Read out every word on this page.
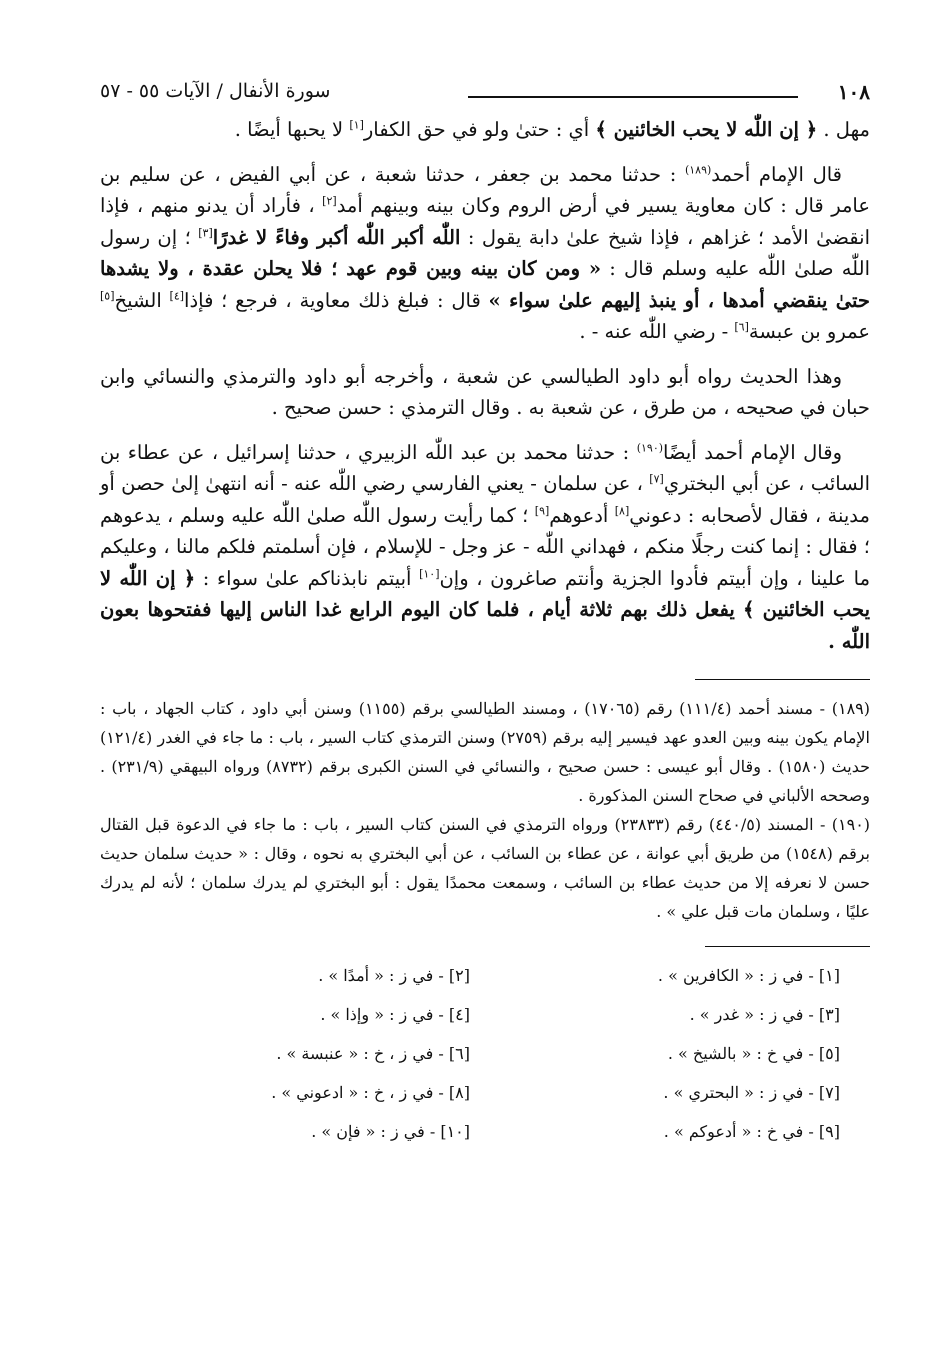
١٠٨
سورة الأنفال / الآيات ٥٥ - ٥٧

مهل . ﴿ إن اللّٰه لا يحب الخائنين ﴾ أي : حتىٰ ولو في حق الكفار[١] لا يحبها أيضًا .

قال الإمام أحمد$^{(١٨٩)}$ : حدثنا محمد بن جعفر ، حدثنا شعبة ، عن أبي الفيض ، عن سليم بن عامر قال : كان معاوية يسير في أرض الروم وكان بينه وبينهم أمد[٢] ، فأراد أن يدنو منهم ، فإذا انقضىٰ الأمد ؛ غزاهم ، فإذا شيخ علىٰ دابة يقول : اللّٰه أكبر اللّٰه أكبر وفاءً لا غدرًا[٣] ؛ إن رسول اللّٰه صلىٰ اللّٰه عليه وسلم قال : « ومن كان بينه وبين قوم عهد ؛ فلا يحلن عقدة ، ولا يشدها حتىٰ ينقضي أمدها ، أو ينبذ إليهم علىٰ سواء » قال : فبلغ ذلك معاوية ، فرجع ؛ فإذا[٤] الشيخ[٥] عمرو بن عبسة[٦] - رضي اللّٰه عنه - .

وهذا الحديث رواه أبو داود الطيالسي عن شعبة ، وأخرجه أبو داود والترمذي والنسائي وابن حبان في صحيحه ، من طرق ، عن شعبة به . وقال الترمذي : حسن صحيح .

وقال الإمام أحمد أيضًا$^{(١٩٠)}$ : حدثنا محمد بن عبد اللّٰه الزبيري ، حدثنا إسرائيل ، عن عطاء بن السائب ، عن أبي البختري[٧] ، عن سلمان - يعني الفارسي رضي اللّٰه عنه - أنه انتهىٰ إلىٰ حصن أو مدينة ، فقال لأصحابه : دعوني[٨] أدعوهم[٩] ؛ كما رأيت رسول اللّٰه صلىٰ اللّٰه عليه وسلم ، يدعوهم ؛ فقال : إنما كنت رجلًا منكم ، فهداني اللّٰه - عز وجل - للإسلام ، فإن أسلمتم فلكم مالنا ، وعليكم ما علينا ، وإن أبيتم فأدوا الجزية وأنتم صاغرون ، وإن[١٠] أبيتم نابذناكم علىٰ سواء : ﴿ إن اللّٰه لا يحب الخائنين ﴾ يفعل ذلك بهم ثلاثة أيام ، فلما كان اليوم الرابع غدا الناس إليها ففتحوها بعون اللّٰه .

(١٨٩) - مسند أحمد (١١١/٤) رقم (١٧٠٦٥) ، ومسند الطيالسي برقم (١١٥٥) وسنن أبي داود ، كتاب الجهاد ، باب : الإمام يكون بينه وبين العدو عهد فيسير إليه برقم (٢٧٥٩) وسنن الترمذي كتاب السير ، باب : ما جاء في الغدر (١٢١/٤) حديث (١٥٨٠) . وقال أبو عيسى : حسن صحيح ، والنسائي في السنن الكبرى برقم (٨٧٣٢) ورواه البيهقي (٢٣١/٩) . وصححه الألباني في صحاح السنن المذكورة .

(١٩٠) - المسند (٤٤٠/٥) رقم (٢٣٨٣٣) ورواه الترمذي في السنن كتاب السير ، باب : ما جاء في الدعوة قبل القتال برقم (١٥٤٨) من طريق أبي عوانة ، عن عطاء بن السائب ، عن أبي البختري به نحوه ، وقال : « حديث سلمان حديث حسن لا نعرفه إلا من حديث عطاء بن السائب ، وسمعت محمدًا يقول : أبو البختري لم يدرك سلمان ؛ لأنه لم يدرك عليًا ، وسلمان مات قبل علي » .

[١] - في ز : « الكافرين » .
[٢] - في ز : « أمدًا » .
[٣] - في ز : « غدر » .
[٤] - في ز : « وإذا » .
[٥] - في خ : « بالشيخ » .
[٦] - في ز ، خ : « عنبسة » .
[٧] - في ز : « البحتري » .
[٨] - في ز ، خ : « ادعوني » .
[٩] - في خ : « أدعوكم » .
[١٠] - في ز : « فإن » .
